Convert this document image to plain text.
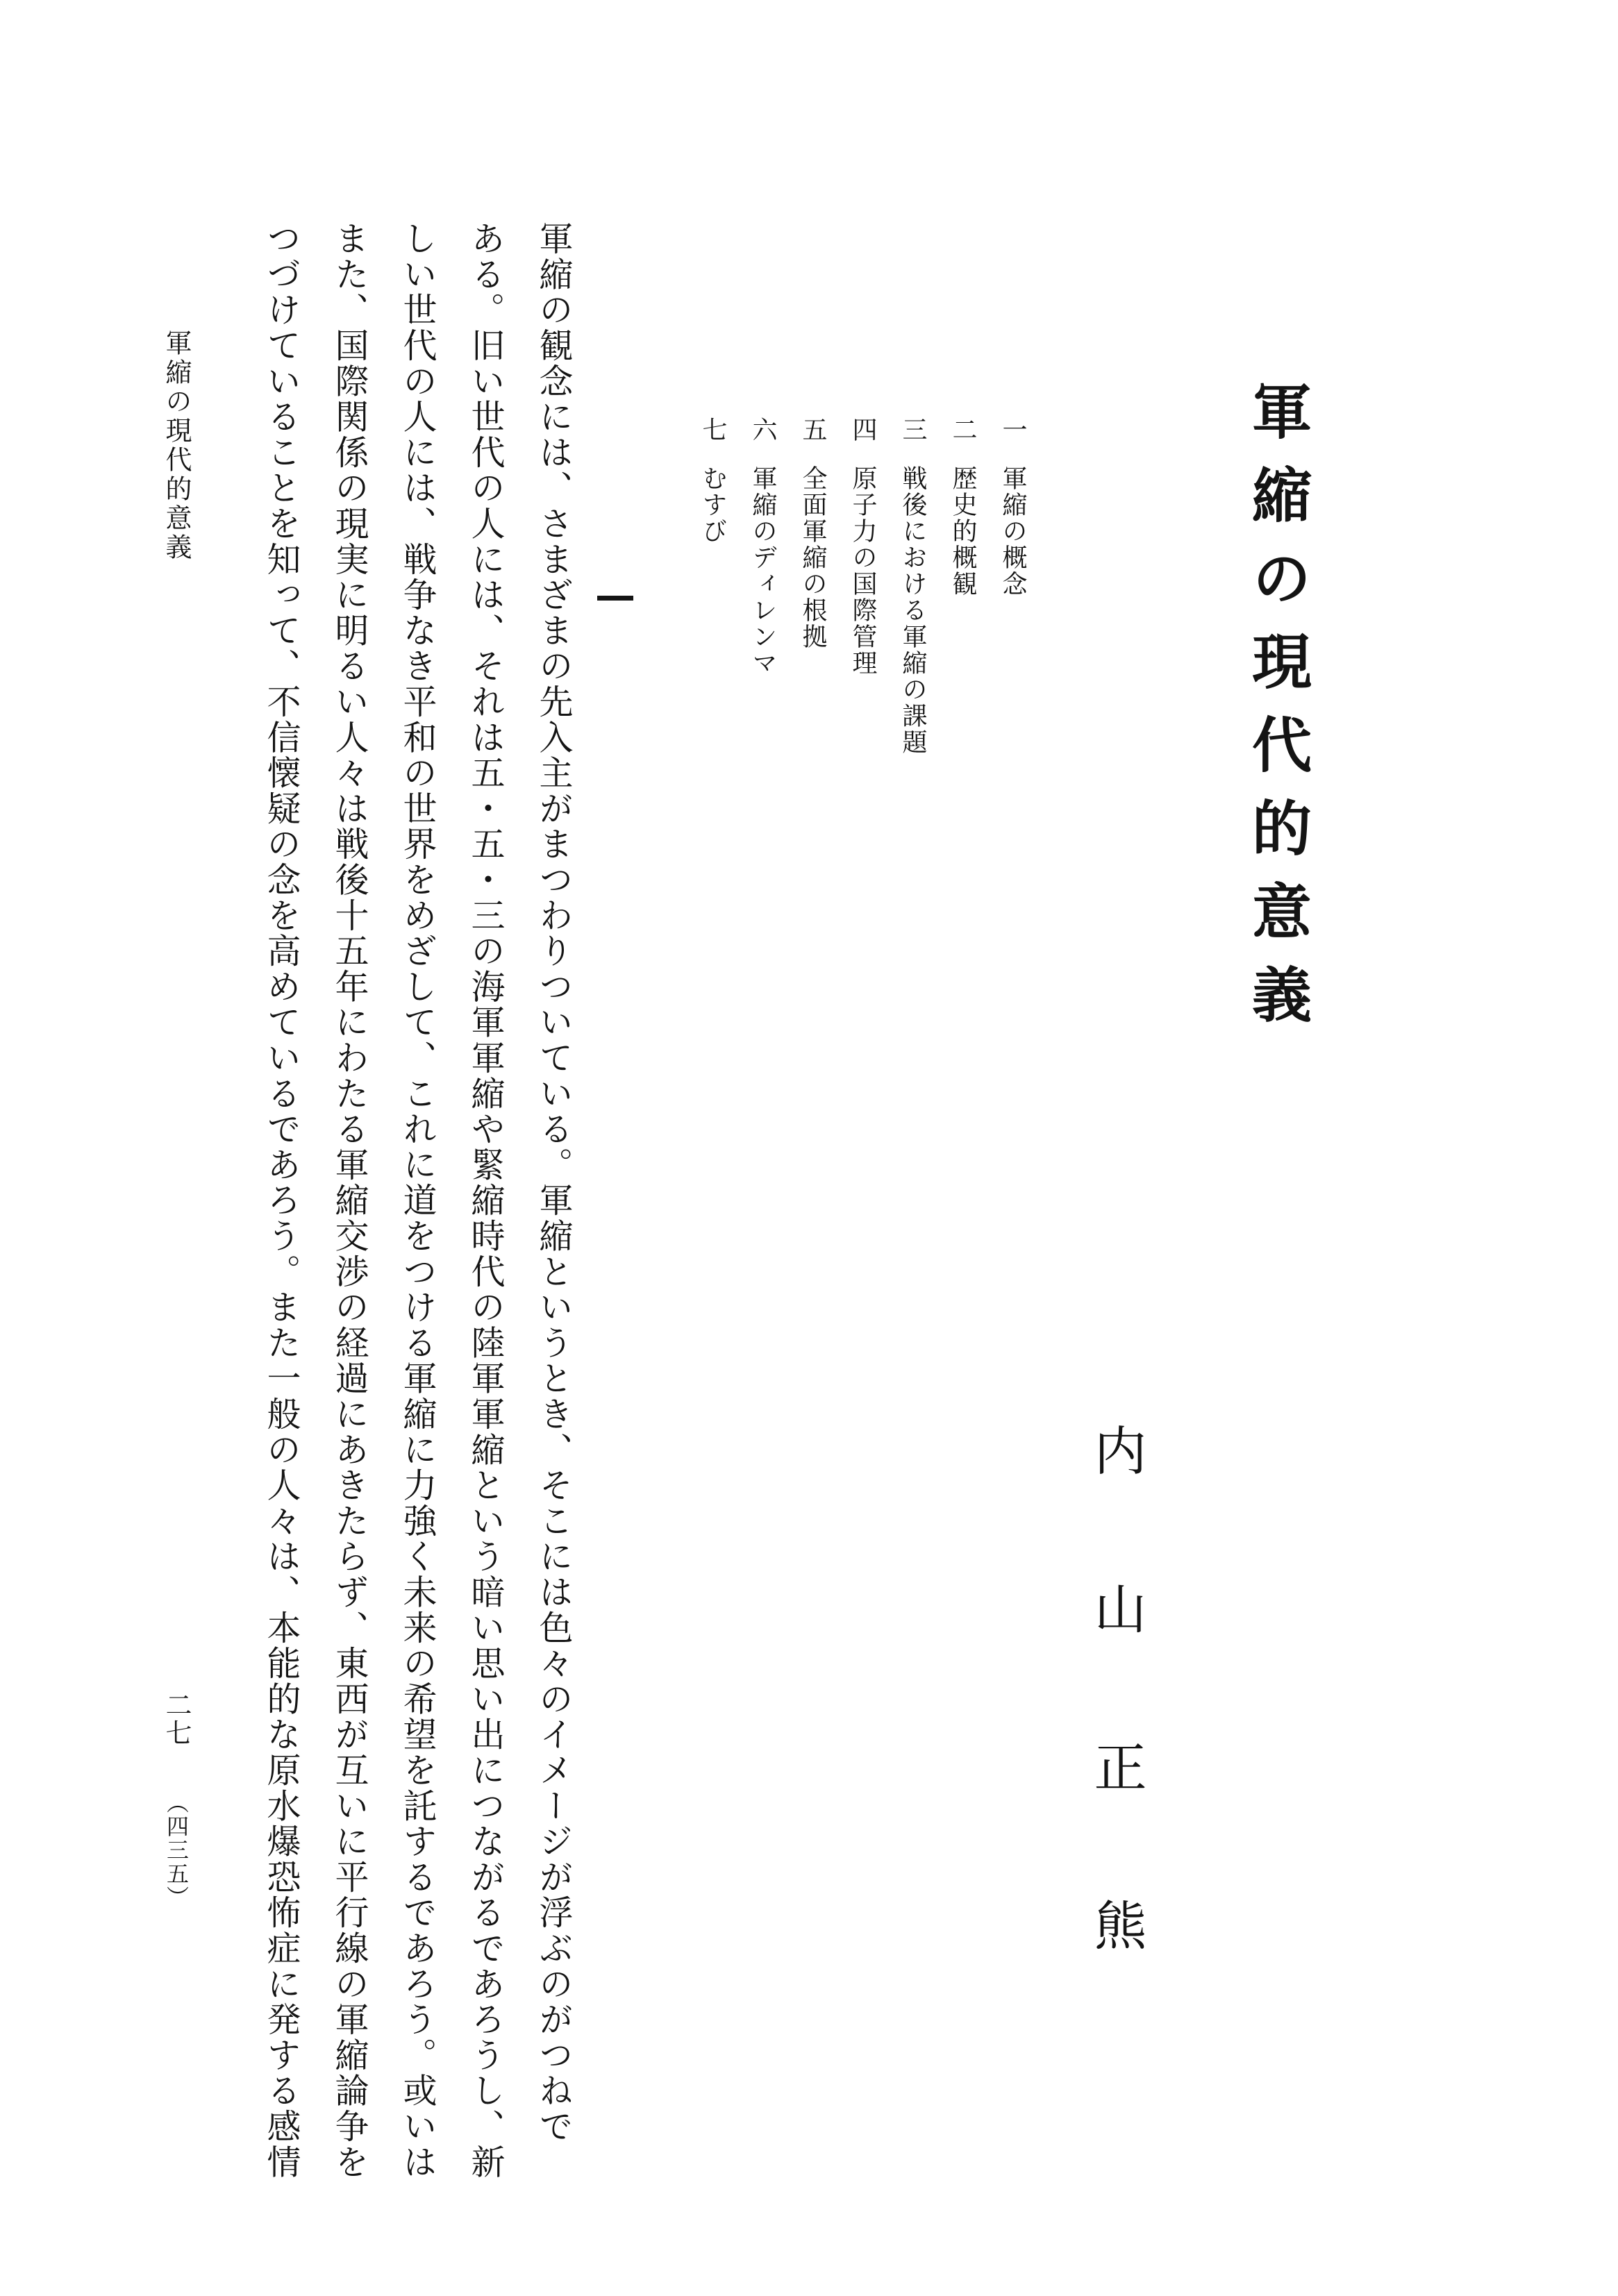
軍縮の現代的意義
内山正熊
一軍縮の概念
二歴史的概観
三戦後における軍縮の課題
四原子力の国際管理
五全面軍縮の根拠
六軍縮のディレンマ
七むすび

軍縮の観念には、さまざまの先入主がまつわりついている。軍縮というとき、そこには色々のイメージが浮ぶのがつねで

ある。旧い世代の人には、それは五・五・三の海軍軍縮や緊縮時代の陸軍軍縮という暗い思い出につながるであろうし、新

しい世代の人には、戦争なき平和の世界をめざして、これに道をつける軍縮に力強く未来の希望を託するであろう。或いは

また、国際関係の現実に明るい人々は戦後十五年にわたる軍縮交渉の経過にあきたらず、東西が互いに平行線の軍縮論争を

つづけていることを知って、不信懐疑の念を高めているであろう。また一般の人々は、本能的な原水爆恐怖症に発する感情

軍縮の現代的意義
二七
（四三五）
